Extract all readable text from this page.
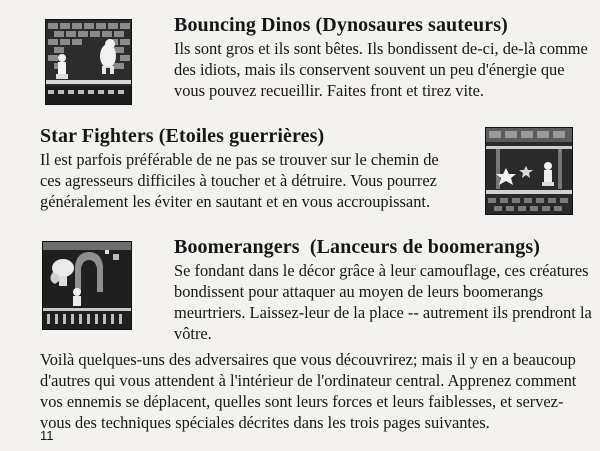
Bouncing Dinos (Dynosaures sauteurs)
Ils sont gros et ils sont bêtes. Ils bondissent de-ci, de-là comme
des idiots, mais ils conservent souvent un peu d'énergie que
vous pouvez recueillir. Faites front et tirez vite.
Star Fighters (Etoiles guerrières)
Il est parfois préférable de ne pas se trouver sur le chemin de
ces agresseurs difficiles à toucher et à détruire. Vous pourrez
généralement les éviter en sautant et en vous accroupissant.
Boomerangers  (Lanceurs de boomerangs)
Se fondant dans le décor grâce à leur camouflage, ces créatures
bondissent pour attaquer au moyen de leurs boomerangs
meurtriers. Laissez-leur de la place -- autrement ils prendront la
vôtre.
Voilà quelques-uns des adversaires que vous découvrirez; mais il y en a beaucoup
d'autres qui vous attendent à l'intérieur de l'ordinateur central. Apprenez comment
vos ennemis se déplacent, quelles sont leurs forces et leurs faiblesses, et servez-
vous des techniques spéciales décrites dans les trois pages suivantes.
11
